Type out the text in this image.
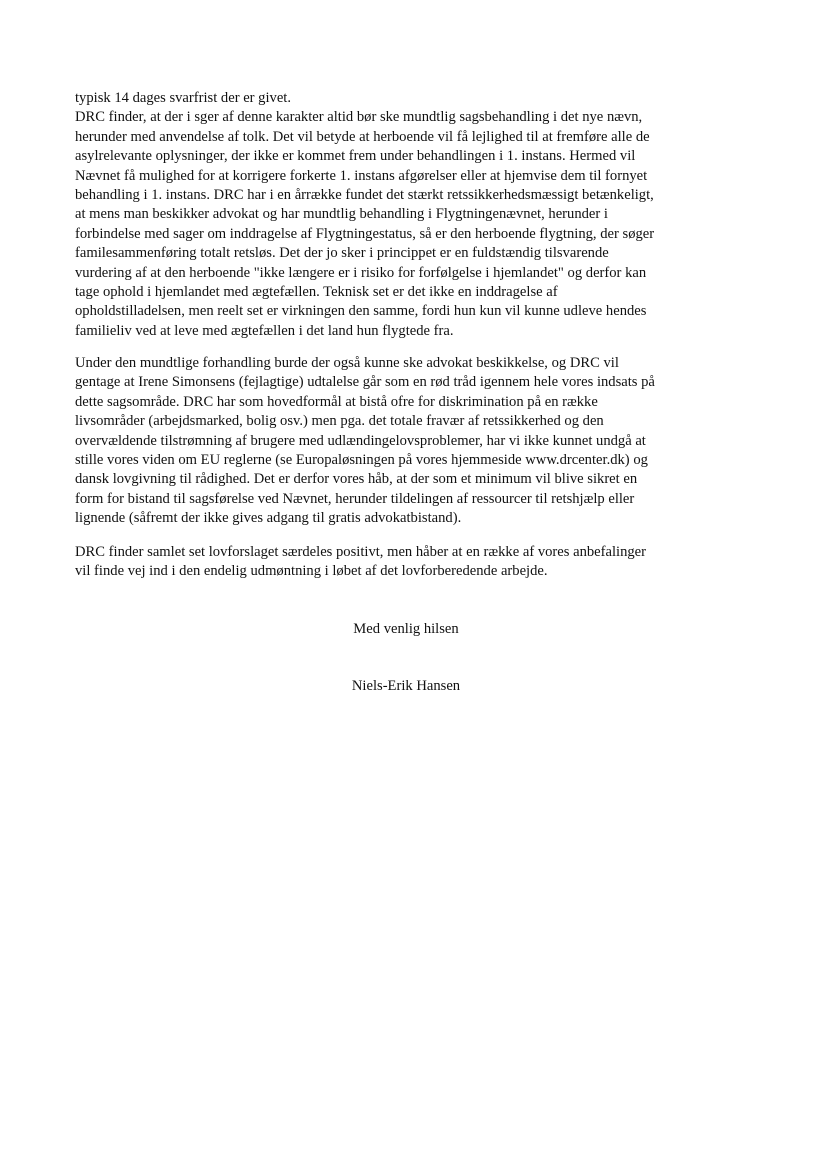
typisk 14 dages svarfrist der er givet.
DRC finder, at der i sger af denne karakter altid bør ske mundtlig sagsbehandling i det nye nævn,
herunder med anvendelse af tolk. Det vil betyde at herboende vil få lejlighed til at fremføre alle de
asylrelevante oplysninger, der ikke er kommet frem under behandlingen i 1. instans. Hermed vil
Nævnet få mulighed for at korrigere forkerte 1. instans afgørelser eller at hjemvise dem til fornyet
behandling i 1. instans. DRC har i en årrække fundet det stærkt retssikkerhedsmæssigt betænkeligt,
at mens man beskikker advokat og har mundtlig behandling i Flygtningenævnet, herunder i
forbindelse med sager om inddragelse af Flygtningestatus, så er den herboende flygtning, der søger
familesammenføring totalt retsløs. Det der jo sker i princippet er en fuldstændig tilsvarende
vurdering af at den herboende "ikke længere er i risiko for forfølgelse i hjemlandet" og derfor kan
tage ophold i hjemlandet med ægtefællen. Teknisk set er det ikke en inddragelse af
opholdstilladelsen, men reelt set er virkningen den samme, fordi hun kun vil kunne udleve hendes
familieliv ved at leve med ægtefællen i det land hun flygtede fra.
Under den mundtlige forhandling burde der også kunne ske advokat beskikkelse, og DRC vil
gentage at Irene Simonsens (fejlagtige) udtalelse går som en rød tråd igennem hele vores indsats på
dette sagsområde. DRC har som hovedformål at bistå ofre for diskrimination på en række
livsområder (arbejdsmarked, bolig osv.) men pga. det totale fravær af retssikkerhed og den
overvældende tilstrømning af brugere med udlændingelovsproblemer, har vi ikke kunnet undgå at
stille vores viden om EU reglerne (se Europaløsningen på vores hjemmeside www.drcenter.dk) og
dansk lovgivning til rådighed. Det er derfor vores håb, at der som et minimum vil blive sikret en
form for bistand til sagsførelse ved Nævnet, herunder tildelingen af ressourcer til retshjælp eller
lignende (såfremt der ikke gives adgang til gratis advokatbistand).
DRC finder samlet set lovforslaget særdeles positivt, men håber at en række af vores anbefalinger
vil finde vej ind i den endelig udmøntning i løbet af det lovforberedende arbejde.
Med venlig hilsen
Niels-Erik Hansen
